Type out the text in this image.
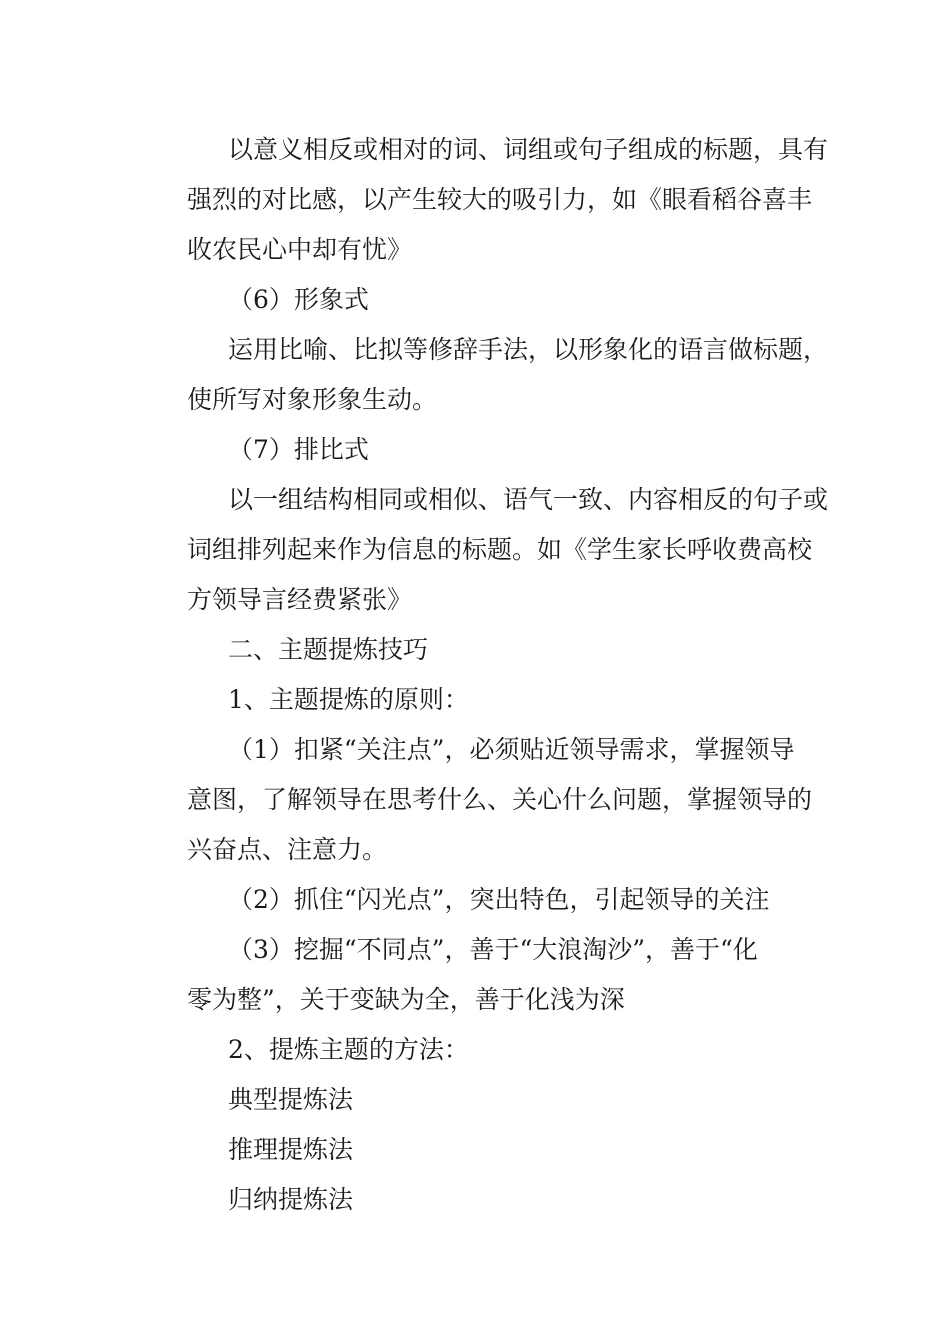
以意义相反或相对的词、词组或句子组成的标题，具有
强烈的对比感，以产生较大的吸引力，如《眼看稻谷喜丰
收农民心中却有忧》
（6）形象式
运用比喻、比拟等修辞手法，以形象化的语言做标题，
使所写对象形象生动。
（7）排比式
以一组结构相同或相似、语气一致、内容相反的句子或
词组排列起来作为信息的标题。如《学生家长呼收费高校
方领导言经费紧张》
二、主题提炼技巧
1、主题提炼的原则：
（1）扣紧“关注点”，必须贴近领导需求，掌握领导
意图，了解领导在思考什么、关心什么问题，掌握领导的
兴奋点、注意力。
（2）抓住“闪光点”，突出特色，引起领导的关注
（3）挖掘“不同点”，善于“大浪淘沙”，善于“化
零为整”，关于变缺为全，善于化浅为深
2、提炼主题的方法：
典型提炼法
推理提炼法
归纳提炼法
